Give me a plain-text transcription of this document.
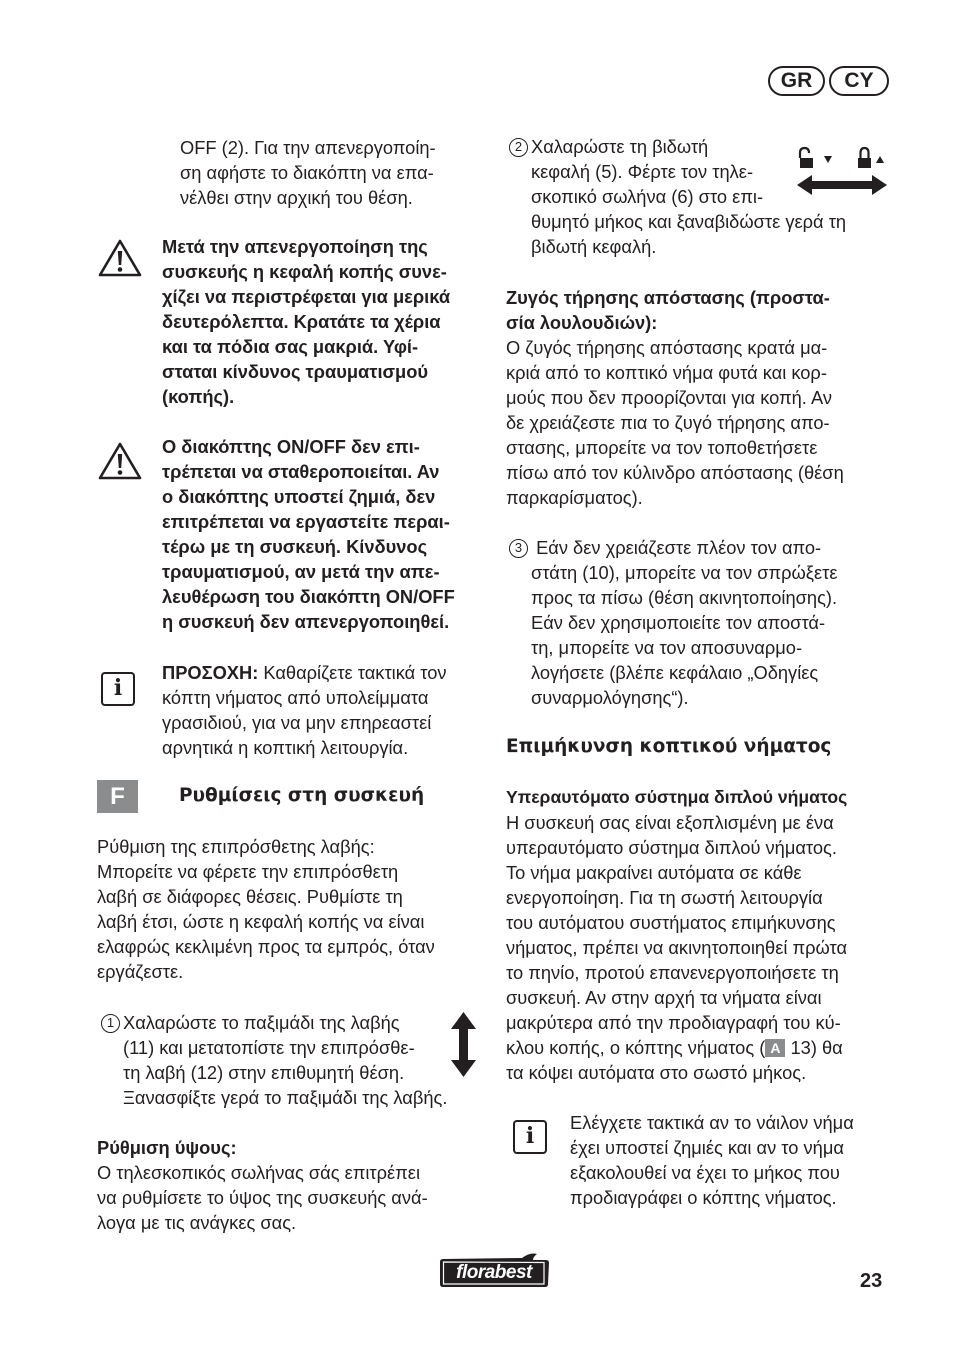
GR	CY
OFF (2). Για την απενεργοποίη-
ση αφήστε το διακόπτη να επα-
νέλθει στην αρχική του θέση.
Μετά την απενεργοποίηση της
συσκευής η κεφαλή κοπής συνε-
χίζει να περιστρέφεται για μερικά
δευτερόλεπτα. Κρατάτε τα χέρια
και τα πόδια σας μακριά. Υφί-
σταται κίνδυνος τραυματισμού
(κοπής).
Ο διακόπτης ON/OFF δεν επι-
τρέπεται να σταθεροποιείται. Αν
ο διακόπτης υποστεί ζημιά, δεν
επιτρέπεται να εργαστείτε περαι-
τέρω με τη συσκευή. Κίνδυνος
τραυματισμού, αν μετά την απε-
λευθέρωση του διακόπτη ON/OFF
η συσκευή δεν απενεργοποιηθεί.
i
ΠΡΟΣΟΧΗ: Καθαρίζετε τακτικά τον
κόπτη νήματος από υπολείμματα
γρασιδιού, για να μην επηρεαστεί
αρνητικά η κοπτική λειτουργία.
F	Ρυθμίσεις στη συσκευή
Ρύθμιση της επιπρόσθετης λαβής:
Μπορείτε να φέρετε την επιπρόσθετη
λαβή σε διάφορες θέσεις. Ρυθμίστε τη
λαβή έτσι, ώστε η κεφαλή κοπής να είναι
ελαφρώς κεκλιμένη προς τα εμπρός, όταν
εργάζεστε.
1 Χαλαρώστε το παξιμάδι της λαβής
(11) και μετατοπίστε την επιπρόσθε-
τη λαβή (12) στην επιθυμητή θέση.
Ξανασφίξτε γερά το παξιμάδι της λαβής.
Ρύθμιση ύψους:
Ο τηλεσκοπικός σωλήνας σάς επιτρέπει
να ρυθμίσετε το ύψος της συσκευής ανά-
λογα με τις ανάγκες σας.
2 Χαλαρώστε τη βιδωτή
κεφαλή (5). Φέρτε τον τηλε-
σκοπικό σωλήνα (6) στο επι-
θυμητό μήκος και ξαναβιδώστε γερά τη
βιδωτή κεφαλή.
Ζυγός τήρησης απόστασης (προστα-
σία λουλουδιών):
Ο ζυγός τήρησης απόστασης κρατά μα-
κριά από το κοπτικό νήμα φυτά και κορ-
μούς που δεν προορίζονται για κοπή. Αν
δε χρειάζεστε πια το ζυγό τήρησης απο-
στασης, μπορείτε να τον τοποθετήσετε
πίσω από τον κύλινδρο απόστασης (θέση
παρκαρίσματος).
3 Εάν δεν χρειάζεστε πλέον τον απο-
στάτη (10), μπορείτε να τον σπρώξετε
προς τα πίσω (θέση ακινητοποίησης).
Εάν δεν χρησιμοποιείτε τον αποστά-
τη, μπορείτε να τον αποσυναρμο-
λογήσετε (βλέπε κεφάλαιο „Οδηγίες
συναρμολόγησης“).
Επιμήκυνση κοπτικού νήματος
Υπεραυτόματο σύστημα διπλού νήματος
Η συσκευή σας είναι εξοπλισμένη με ένα
υπεραυτόματο σύστημα διπλού νήματος.
Το νήμα μακραίνει αυτόματα σε κάθε
ενεργοποίηση. Για τη σωστή λειτουργία
του αυτόματου συστήματος επιμήκυνσης
νήματος, πρέπει να ακινητοποιηθεί πρώτα
το πηνίο, προτού επανενεργοποιήσετε τη
συσκευή. Αν στην αρχή τα νήματα είναι
μακρύτερα από την προδιαγραφή του κύ-
κλου κοπής, ο κόπτης νήματος ( A 13) θα
τα κόψει αυτόματα στο σωστό μήκος.
i
Ελέγχετε τακτικά αν το νάιλον νήμα
έχει υποστεί ζημιές και αν το νήμα
εξακολουθεί να έχει το μήκος που
προδιαγράφει ο κόπτης νήματος.
florabest	23
